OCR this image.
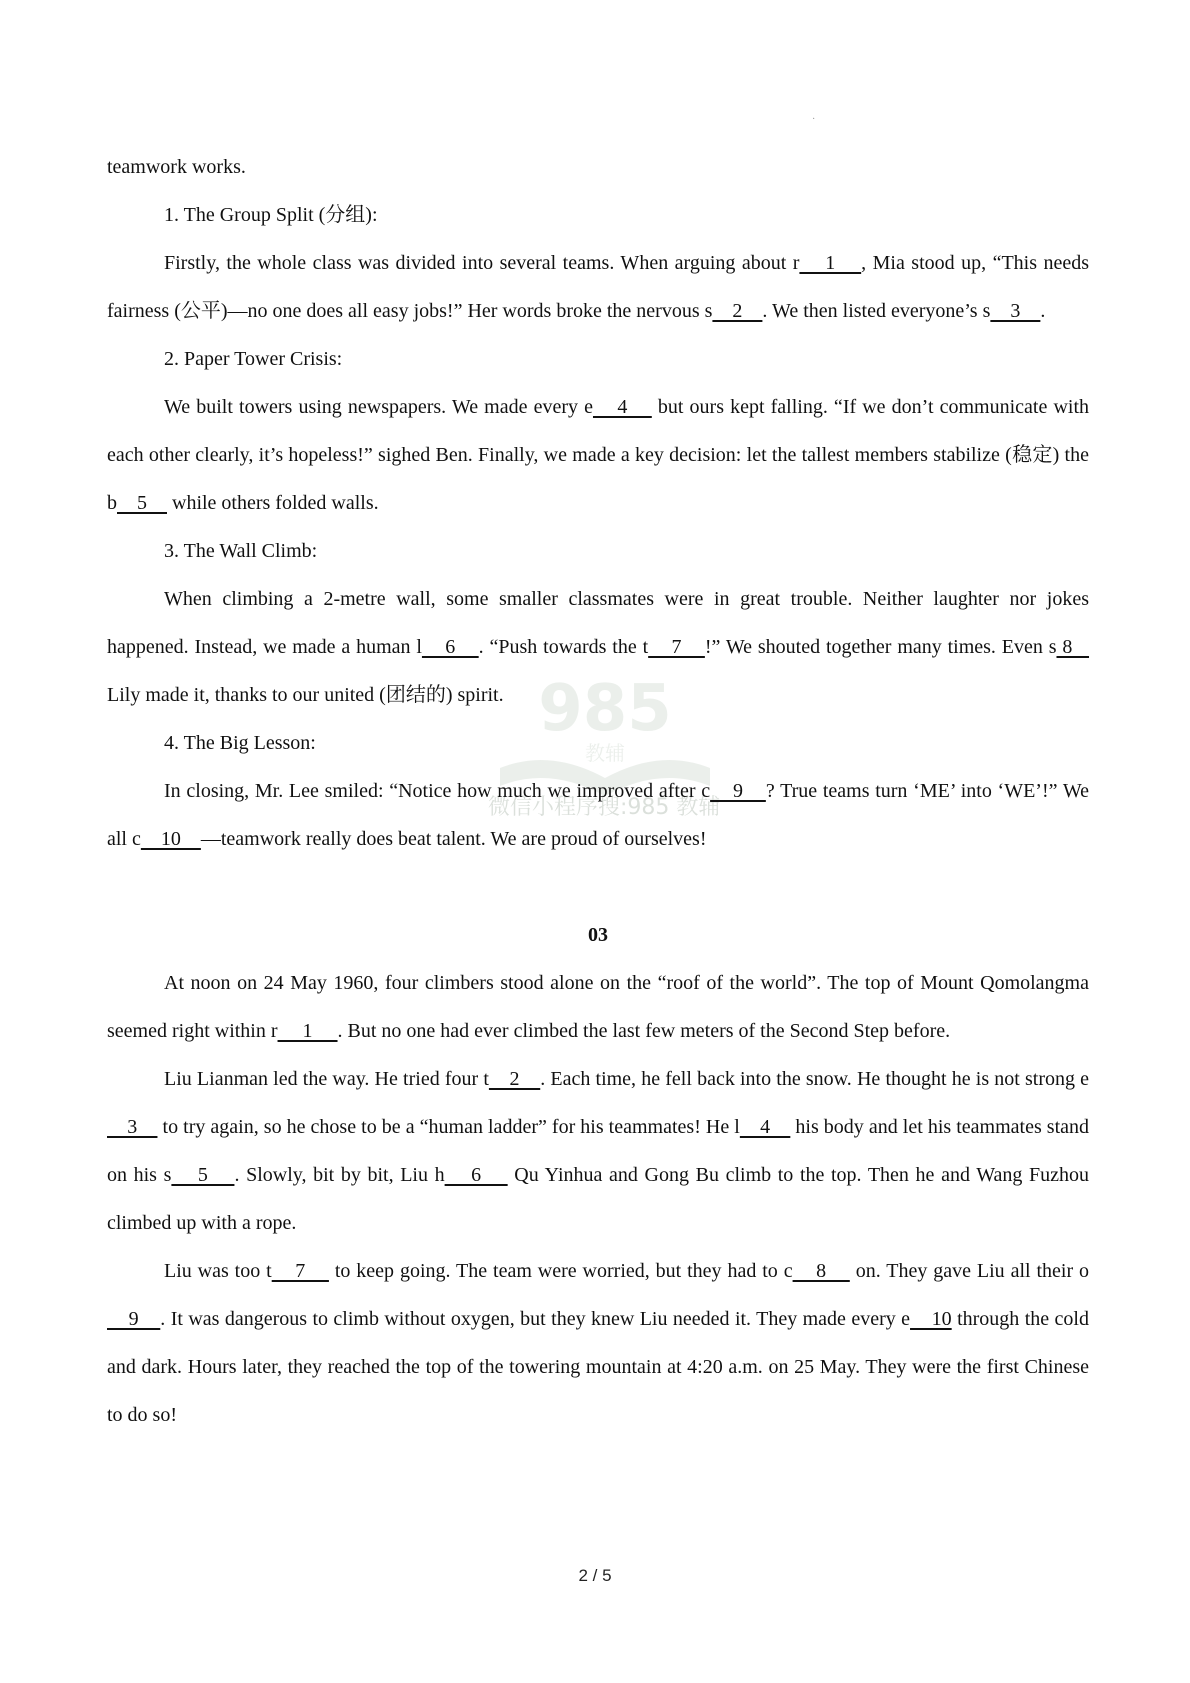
·
985
教辅
微信小程序搜:985 教辅

teamwork works.

1. The Group Split (分组):

Firstly, the whole class was divided into several teams. When arguing about r    1    , Mia stood up, “This needs fairness (公平)—no one does all easy jobs!” Her words broke the nervous s    2    . We then listed everyone’s s    3    .

2. Paper Tower Crisis:

We built towers using newspapers. We made every e    4     but ours kept falling. “If we don’t communicate with each other clearly, it’s hopeless!” sighed Ben. Finally, we made a key decision: let the tallest members stabilize (稳定) the b    5     while others folded walls.

3. The Wall Climb:

When climbing a 2-metre wall, some smaller classmates were in great trouble. Neither laughter nor jokes happened. Instead, we made a human l    6    . “Push towards the t    7    !” We shouted together many times. Even s 8    Lily made it, thanks to our united (团结的) spirit.

4. The Big Lesson:

In closing, Mr. Lee smiled: “Notice how much we improved after c    9    ? True teams turn ‘ME’ into ‘WE’!” We all c    10    —teamwork really does beat talent. We are proud of ourselves!

03

At noon on 24 May 1960, four climbers stood alone on the “roof of the world”. The top of Mount Qomolangma seemed right within r     1     . But no one had ever climbed the last few meters of the Second Step before.

Liu Lianman led the way. He tried four t    2    . Each time, he fell back into the snow. He thought he is not strong e    3     to try again, so he chose to be a “human ladder” for his teammates! He l    4     his body and let his teammates stand on his s    5    . Slowly, bit by bit, Liu h    6     Qu Yinhua and Gong Bu climb to the top. Then he and Wang Fuzhou climbed up with a rope.

Liu was too t    7     to keep going. The team were worried, but they had to c    8     on. They gave Liu all their o    9    . It was dangerous to climb without oxygen, but they knew Liu needed it. They made every e    10 through the cold and dark. Hours later, they reached the top of the towering mountain at 4:20 a.m. on 25 May. They were the first Chinese to do so!

2 / 5
